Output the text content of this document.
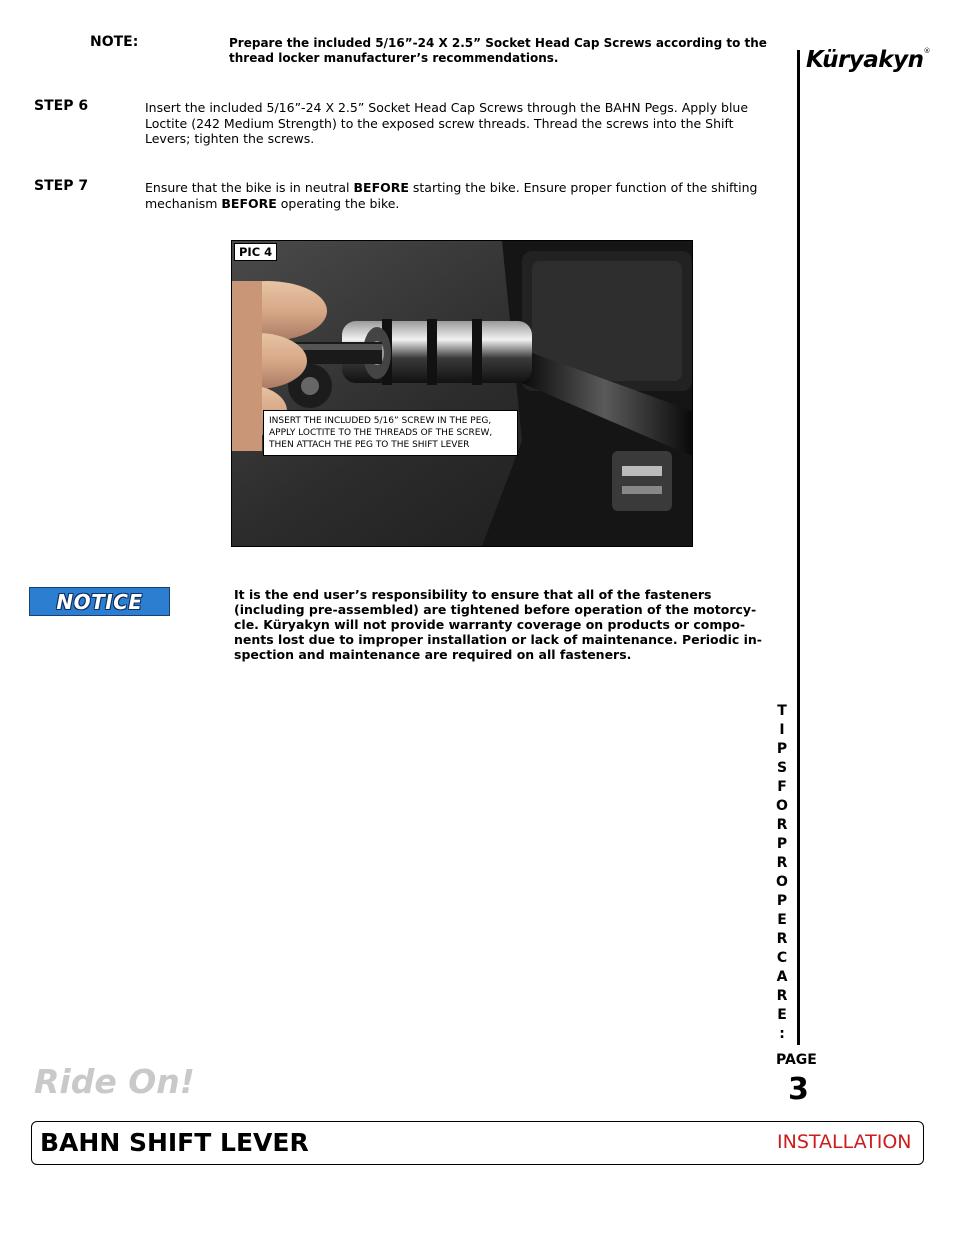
NOTE:	Prepare the included 5/16”-24 X 2.5” Socket Head Cap Screws according to the thread locker manufacturer’s recommendations.
STEP 6	Insert the included 5/16”-24 X 2.5” Socket Head Cap Screws through the BAHN Pegs. Apply blue Loctite (242 Medium Strength) to the exposed screw threads. Thread the screws into the Shift Levers; tighten the screws.
STEP 7	Ensure that the bike is in neutral BEFORE starting the bike. Ensure proper function of the shifting mechanism BEFORE operating the bike.
PIC 4
INSERT THE INCLUDED 5/16” SCREW IN THE PEG, APPLY LOCTITE TO THE THREADS OF THE SCREW, THEN ATTACH THE PEG TO THE SHIFT LEVER
NOTICE	It is the end user’s responsibility to ensure that all of the fasteners (including pre-assembled) are tightened before operation of the motorcy-cle. Küryakyn will not provide warranty coverage on products or compo-nents lost due to improper installation or lack of maintenance. Periodic in-spection and maintenance are required on all fasteners.
Küryakyn®
T
I
P
S
F
O
R
P
R
O
P
E
R
C
A
R
E
:
PAGE
3
Ride On!
BAHN SHIFT LEVER	INSTALLATION
